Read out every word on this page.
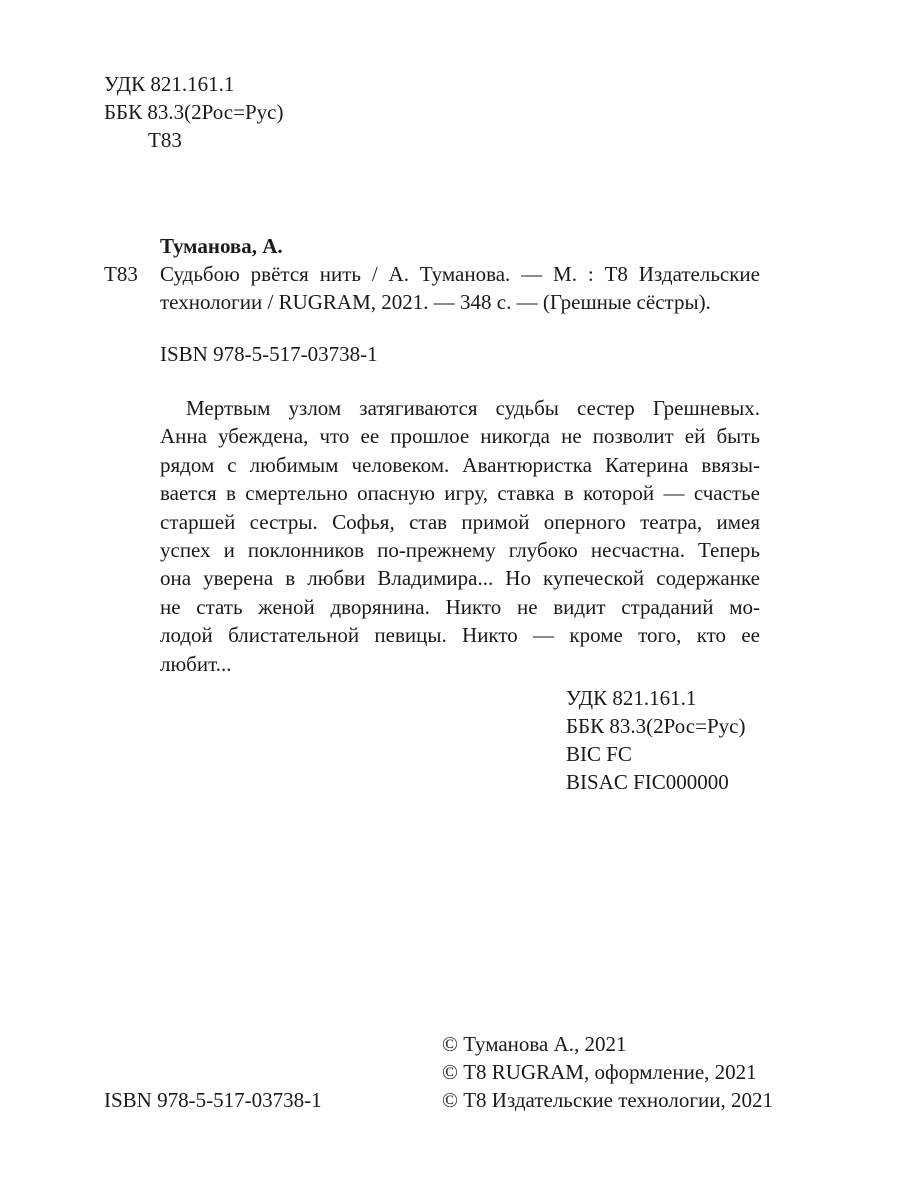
УДК 821.161.1
ББК 83.3(2Рос=Рус)
Т83
Туманова, А.
Т83 Судьбою рвётся нить / А. Туманова. — М. : Т8 Издательские
технологии / RUGRAM, 2021. — 348 с. — (Грешные сёстры).
ISBN 978-5-517-03738-1
Мертвым узлом затягиваются судьбы сестер Грешневых.
Анна убеждена, что ее прошлое никогда не позволит ей быть
рядом с любимым человеком. Авантюристка Катерина ввязы-
вается в смертельно опасную игру, ставка в которой — счастье
старшей сестры. Софья, став примой оперного театра, имея
успех и поклонников по-прежнему глубоко несчастна. Теперь
она уверена в любви Владимира... Но купеческой содержанке
не стать женой дворянина. Никто не видит страданий мо-
лодой блистательной певицы. Никто — кроме того, кто ее
любит...
УДК 821.161.1
ББК 83.3(2Рос=Рус)
BIC FC
BISAC FIC000000
© Туманова А., 2021
© Т8 RUGRAM, оформление, 2021
© Т8 Издательские технологии, 2021
ISBN 978-5-517-03738-1
